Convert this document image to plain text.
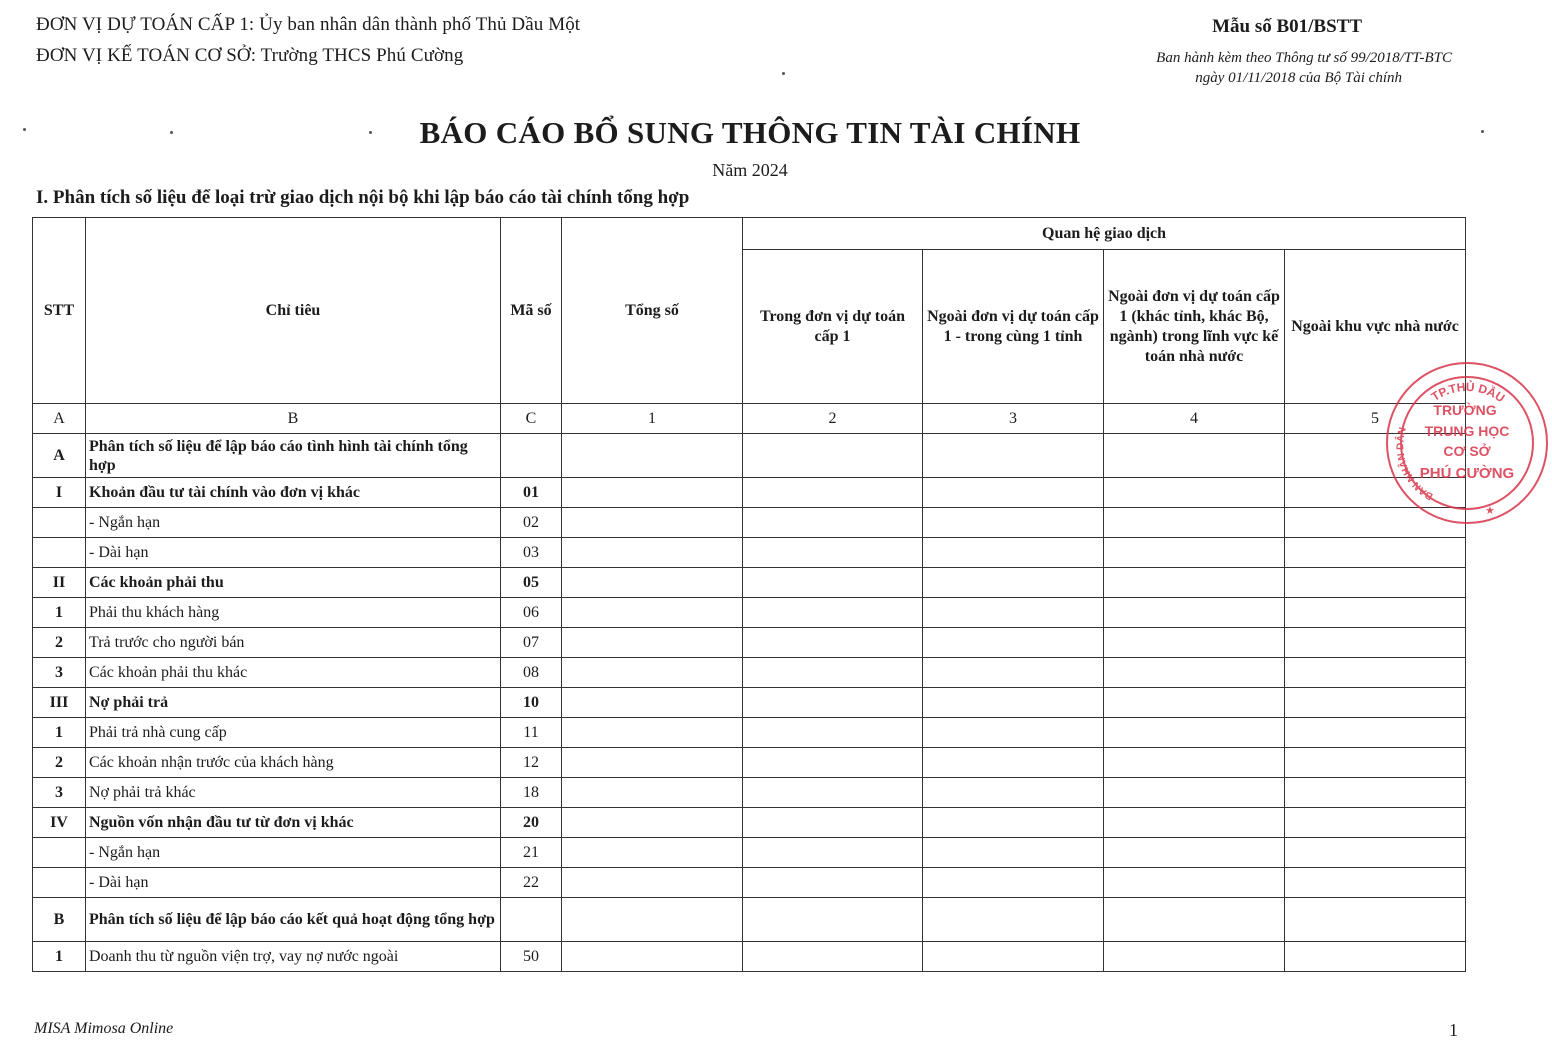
ĐƠN VỊ DỰ TOÁN CẤP 1: Ủy ban nhân dân thành phố Thủ Dầu Một
ĐƠN VỊ KẾ TOÁN CƠ SỞ: Trường THCS Phú Cường
Mẫu số B01/BSTT
Ban hành kèm theo Thông tư số 99/2018/TT-BTC
ngày 01/11/2018 của Bộ Tài chính
BÁO CÁO BỔ SUNG THÔNG TIN TÀI CHÍNH
Năm 2024
I. Phân tích số liệu để loại trừ giao dịch nội bộ khi lập báo cáo tài chính tổng hợp
STT	Chỉ tiêu	Mã số	Tổng số	Quan hệ giao dịch			
				Trong đơn vị dự toán cấp 1	Ngoài đơn vị dự toán cấp 1 - trong cùng 1 tỉnh	Ngoài đơn vị dự toán cấp 1 (khác tỉnh, khác Bộ, ngành) trong lĩnh vực kế toán nhà nước	Ngoài khu vực nhà nước
A	B	C	1	2	3	4	5
A	Phân tích số liệu để lập báo cáo tình hình tài chính tổng hợp						
I	Khoản đầu tư tài chính vào đơn vị khác	01					
	- Ngắn hạn	02					
	- Dài hạn	03					
II	Các khoản phải thu	05					
1	Phải thu khách hàng	06					
2	Trả trước cho người bán	07					
3	Các khoản phải thu khác	08					
III	Nợ phải trả	10					
1	Phải trả nhà cung cấp	11					
2	Các khoản nhận trước của khách hàng	12					
3	Nợ phải trả khác	18					
IV	Nguồn vốn nhận đầu tư từ đơn vị khác	20					
	- Ngắn hạn	21					
	- Dài hạn	22					
B	Phân tích số liệu để lập báo cáo kết quả hoạt động tổng hợp						
1	Doanh thu từ nguồn viện trợ, vay nợ nước ngoài	50					
TP.THỦ DẦU
BAN NHÂN DÂN
TRƯỜNG
TRUNG HỌC
CƠ SỞ
PHÚ CƯỜNG
★
MISA Mimosa Online	1
